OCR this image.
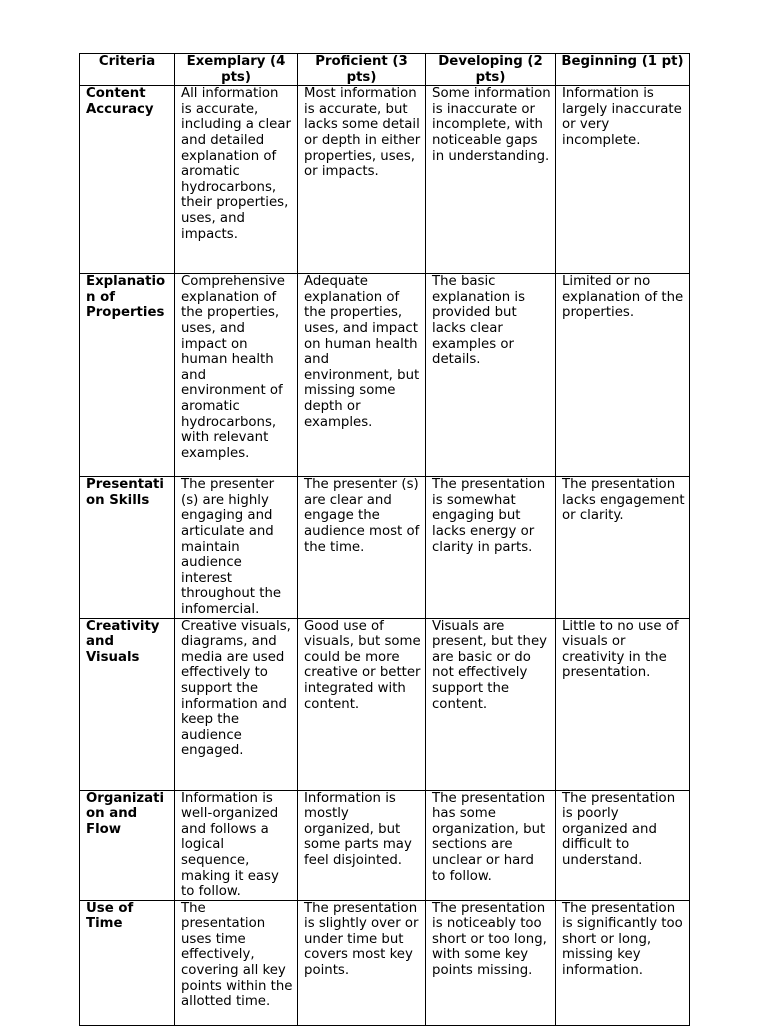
Criteria	Exemplary (4 pts)	Proficient (3 pts)	Developing (2 pts)	Beginning (1 pt)
Content Accuracy	All information is accurate, including a clear and detailed explanation of aromatic hydrocarbons, their properties, uses, and impacts.	Most information is accurate, but lacks some detail or depth in either properties, uses, or impacts.	Some information is inaccurate or incomplete, with noticeable gaps in understanding.	Information is largely inaccurate or very incomplete.
Explanation of Properties	Comprehensive explanation of the properties, uses, and impact on human health and environment of aromatic hydrocarbons, with relevant examples.	Adequate explanation of the properties, uses, and impact on human health and environment, but missing some depth or examples.	The basic explanation is provided but lacks clear examples or details.	Limited or no explanation of the properties.
Presentation Skills	The presenter (s) are highly engaging and articulate and maintain audience interest throughout the infomercial.	The presenter (s) are clear and engage the audience most of the time.	The presentation is somewhat engaging but lacks energy or clarity in parts.	The presentation lacks engagement or clarity.
Creativity and Visuals	Creative visuals, diagrams, and media are used effectively to support the information and keep the audience engaged.	Good use of visuals, but some could be more creative or better integrated with content.	Visuals are present, but they are basic or do not effectively support the content.	Little to no use of visuals or creativity in the presentation.
Organization and Flow	Information is well-organized and follows a logical sequence, making it easy to follow.	Information is mostly organized, but some parts may feel disjointed.	The presentation has some organization, but sections are unclear or hard to follow.	The presentation is poorly organized and difficult to understand.
Use of Time	The presentation uses time effectively, covering all key points within the allotted time.	The presentation is slightly over or under time but covers most key points.	The presentation is noticeably too short or too long, with some key points missing.	The presentation is significantly too short or long, missing key information.
